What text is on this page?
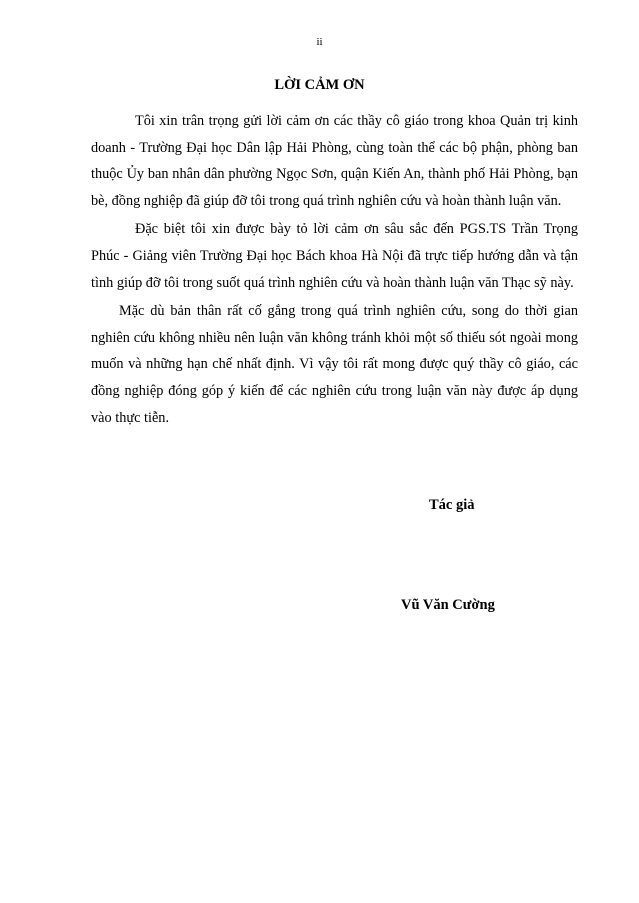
ii
LỜI CẢM ƠN

Tôi xin trân trọng gửi lời cảm ơn các thầy cô giáo trong khoa Quản trị kinh doanh - Trường Đại học Dân lập Hải Phòng, cùng toàn thể các bộ phận, phòng ban thuộc Ủy ban nhân dân phường Ngọc Sơn, quận Kiến An, thành phố Hải Phòng, bạn bè, đồng nghiệp đã giúp đỡ tôi trong quá trình nghiên cứu và hoàn thành luận văn.

Đặc biệt tôi xin được bày tỏ lời cảm ơn sâu sắc đến PGS.TS Trần Trọng Phúc - Giảng viên Trường Đại học Bách khoa Hà Nội đã trực tiếp hướng dẫn và tận tình giúp đỡ tôi trong suốt quá trình nghiên cứu và hoàn thành luận văn Thạc sỹ này.

Mặc dù bản thân rất cố gắng trong quá trình nghiên cứu, song do thời gian nghiên cứu không nhiều nên luận văn không tránh khỏi một số thiếu sót ngoài mong muốn và những hạn chế nhất định. Vì vậy tôi rất mong được quý thầy cô giáo, các đồng nghiệp đóng góp ý kiến để các nghiên cứu trong luận văn này được áp dụng vào thực tiễn.

Tác giả
Vũ Văn Cường
